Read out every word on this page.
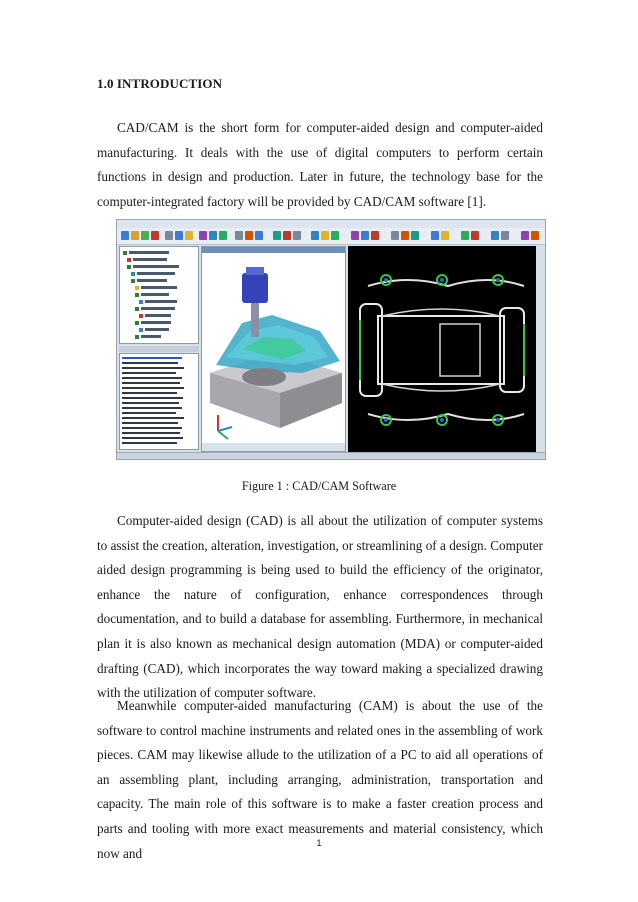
1.0 INTRODUCTION

CAD/CAM is the short form for computer-aided design and computer-aided manufacturing. It deals with the use of digital computers to perform certain functions in design and production. Later in future, the technology base for the computer-integrated factory will be provided by CAD/CAM software [1].

Figure 1 : CAD/CAM Software

Computer-aided design (CAD) is all about the utilization of computer systems to assist the creation, alteration, investigation, or streamlining of a design. Computer aided design programming is being used to build the efficiency of the originator, enhance the nature of configuration, enhance correspondences through documentation, and to build a database for assembling. Furthermore, in mechanical plan it is also known as mechanical design automation (MDA) or computer-aided drafting (CAD), which incorporates the way toward making a specialized drawing with the utilization of computer software.

Meanwhile computer-aided manufacturing (CAM) is about the use of the software to control machine instruments and related ones in the assembling of work pieces. CAM may likewise allude to the utilization of a PC to aid all operations of an assembling plant, including arranging, administration, transportation and capacity. The main role of this software is to make a faster creation process and parts and tooling with more exact measurements and material consistency, which now and

1
